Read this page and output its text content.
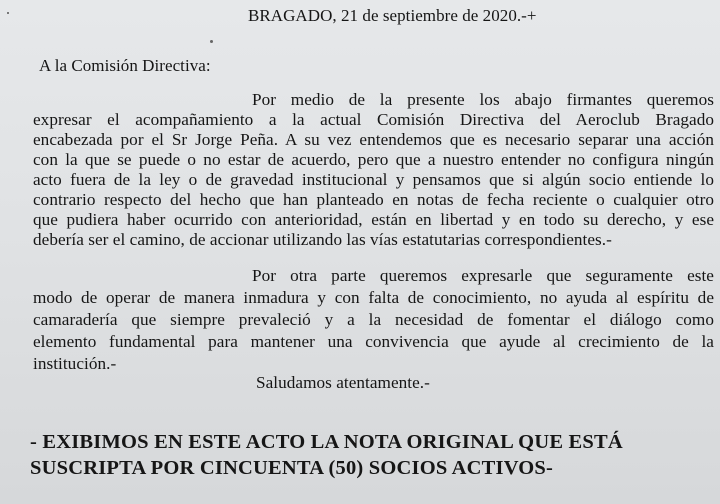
BRAGADO, 21 de septiembre de 2020.-+
A la Comisión Directiva:
Por medio de la presente los abajo firmantes queremos
expresar el acompañamiento a la actual Comisión Directiva del Aeroclub Bragado
encabezada por el Sr Jorge Peña. A su vez entendemos que es necesario separar una acción
con la que se puede o no estar de acuerdo, pero que a nuestro entender no configura ningún
acto fuera de la ley o de gravedad institucional y pensamos que si algún socio entiende lo
contrario respecto del hecho que han planteado en notas de fecha reciente o cualquier otro
que pudiera haber ocurrido con anterioridad, están en libertad y en todo su derecho, y ese
debería ser el camino, de accionar utilizando las vías estatutarias correspondientes.-
Por otra parte queremos expresarle que seguramente este
modo de operar de manera inmadura y con falta de conocimiento, no ayuda al espíritu de
camaradería que siempre prevaleció y a la necesidad de fomentar el diálogo como
elemento fundamental para mantener una convivencia que ayude al crecimiento de la
institución.-
Saludamos atentamente.-
- EXIBIMOS EN ESTE ACTO LA NOTA ORIGINAL QUE ESTÁ
SUSCRIPTA POR CINCUENTA (50) SOCIOS ACTIVOS-
